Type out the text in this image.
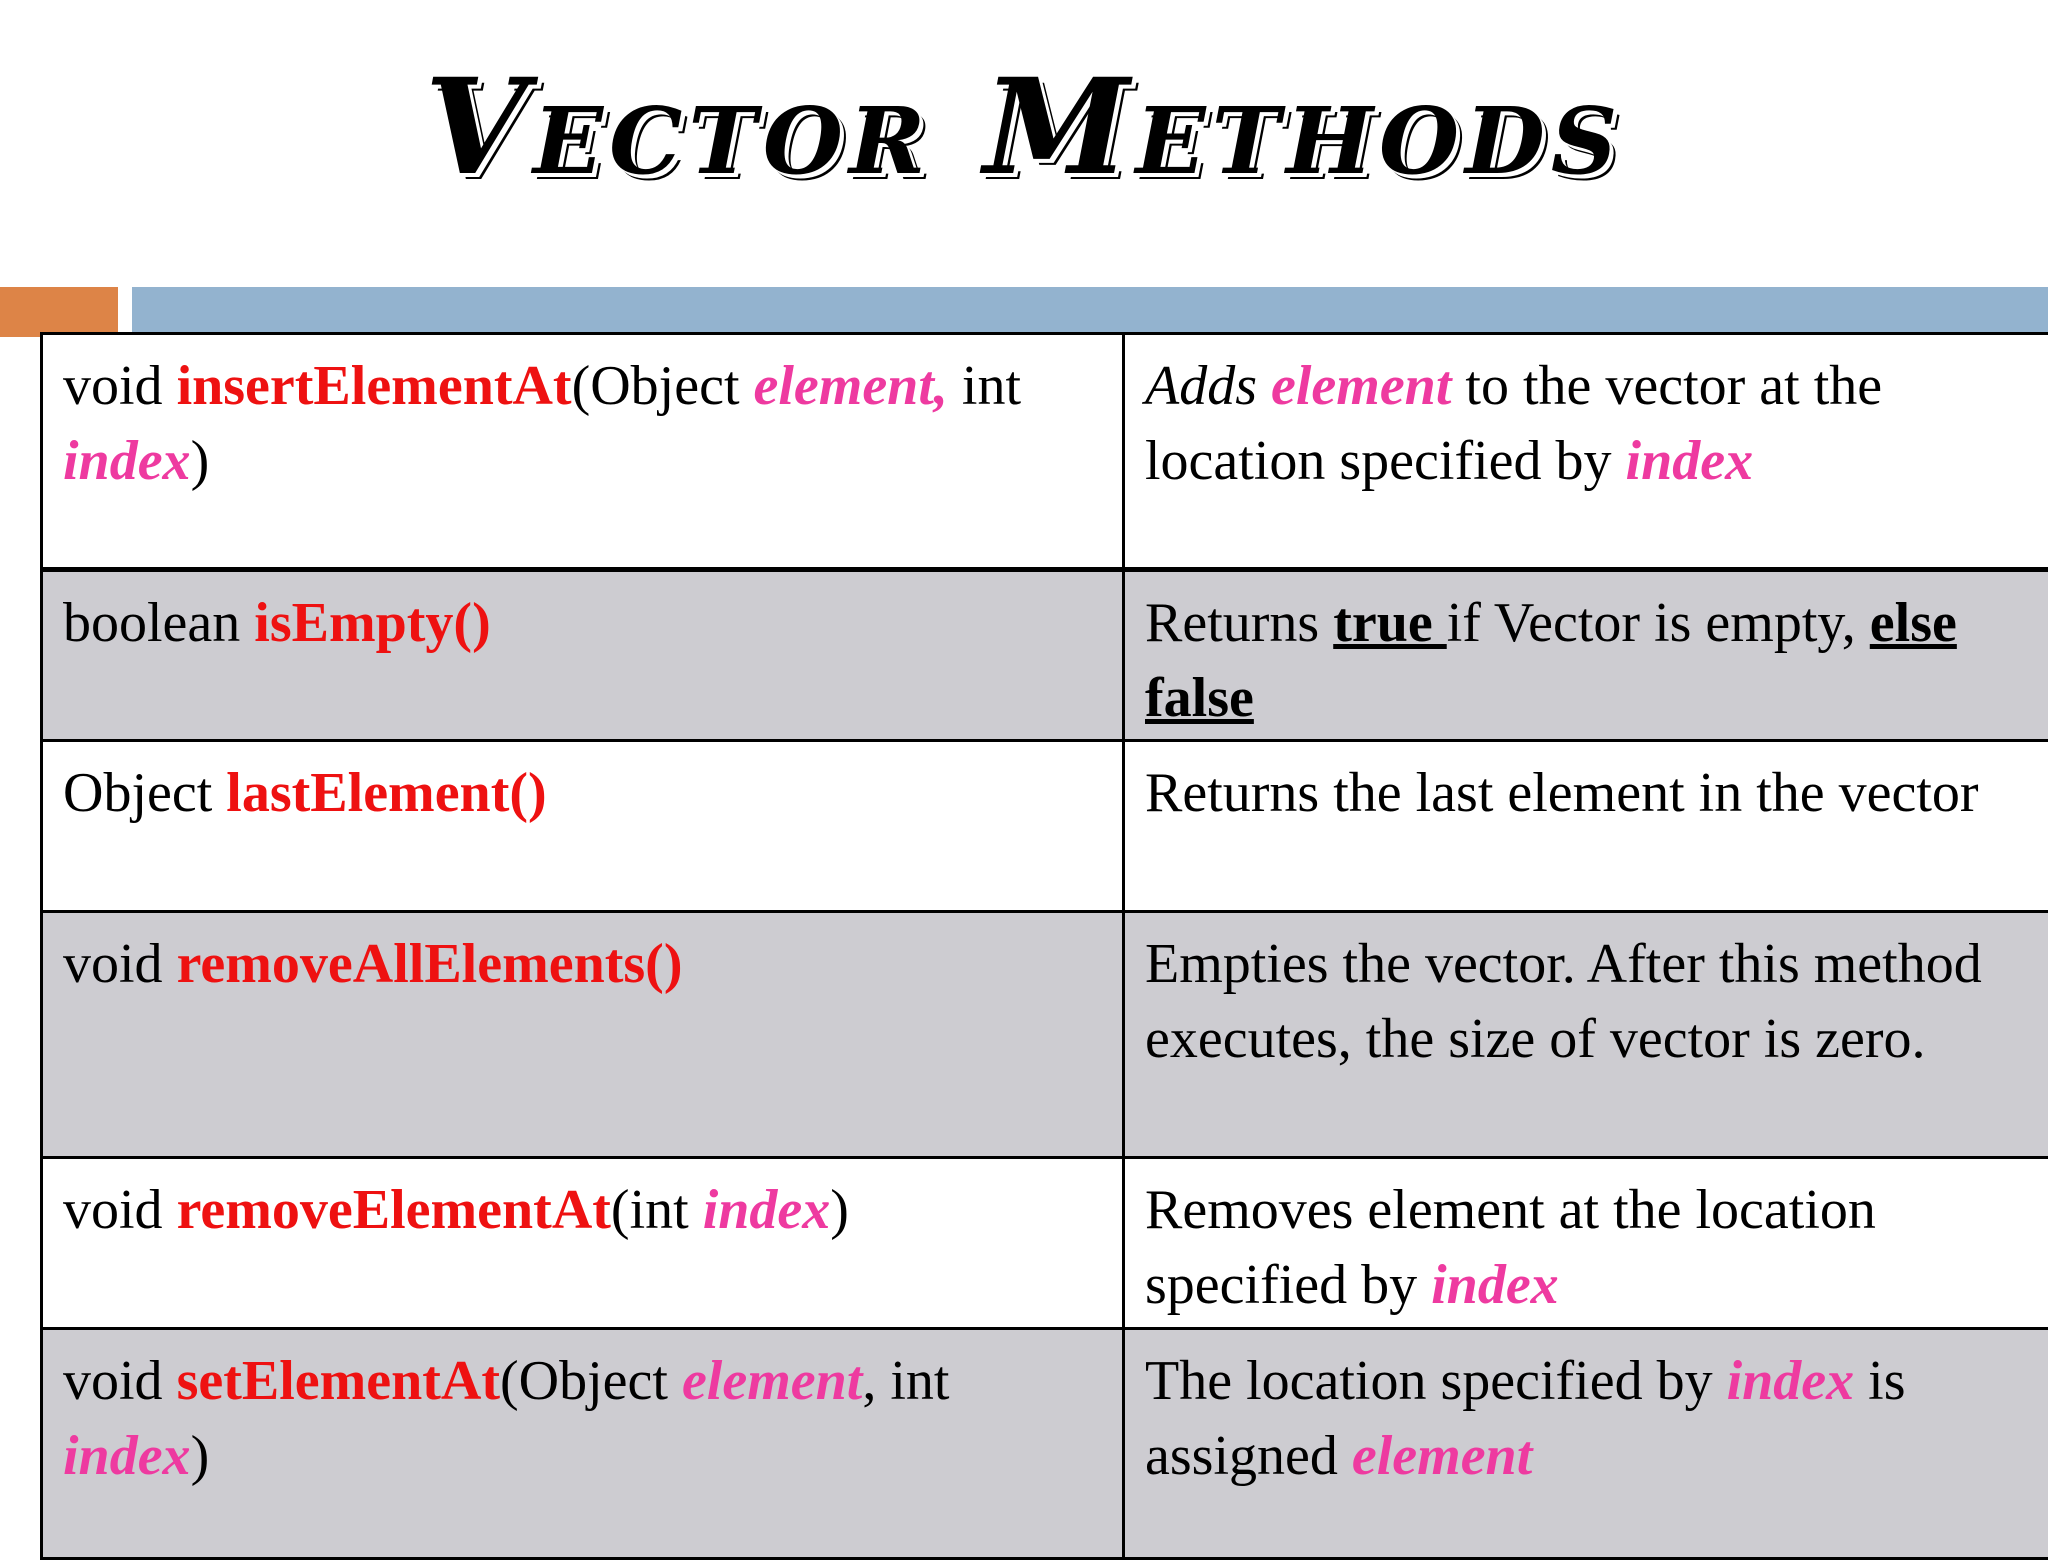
Vector Methods
void insertElementAt(Object element, int index)	Adds element to the vector at the location specified by index
boolean isEmpty()	Returns true if Vector is empty, else false
Object lastElement()	Returns the last element in the vector
void removeAllElements()	Empties the vector. After this method executes, the size of vector is zero.
void removeElementAt(int index)	Removes element at the location specified by index
void setElementAt(Object element, int index)	The location specified by index is assigned element
